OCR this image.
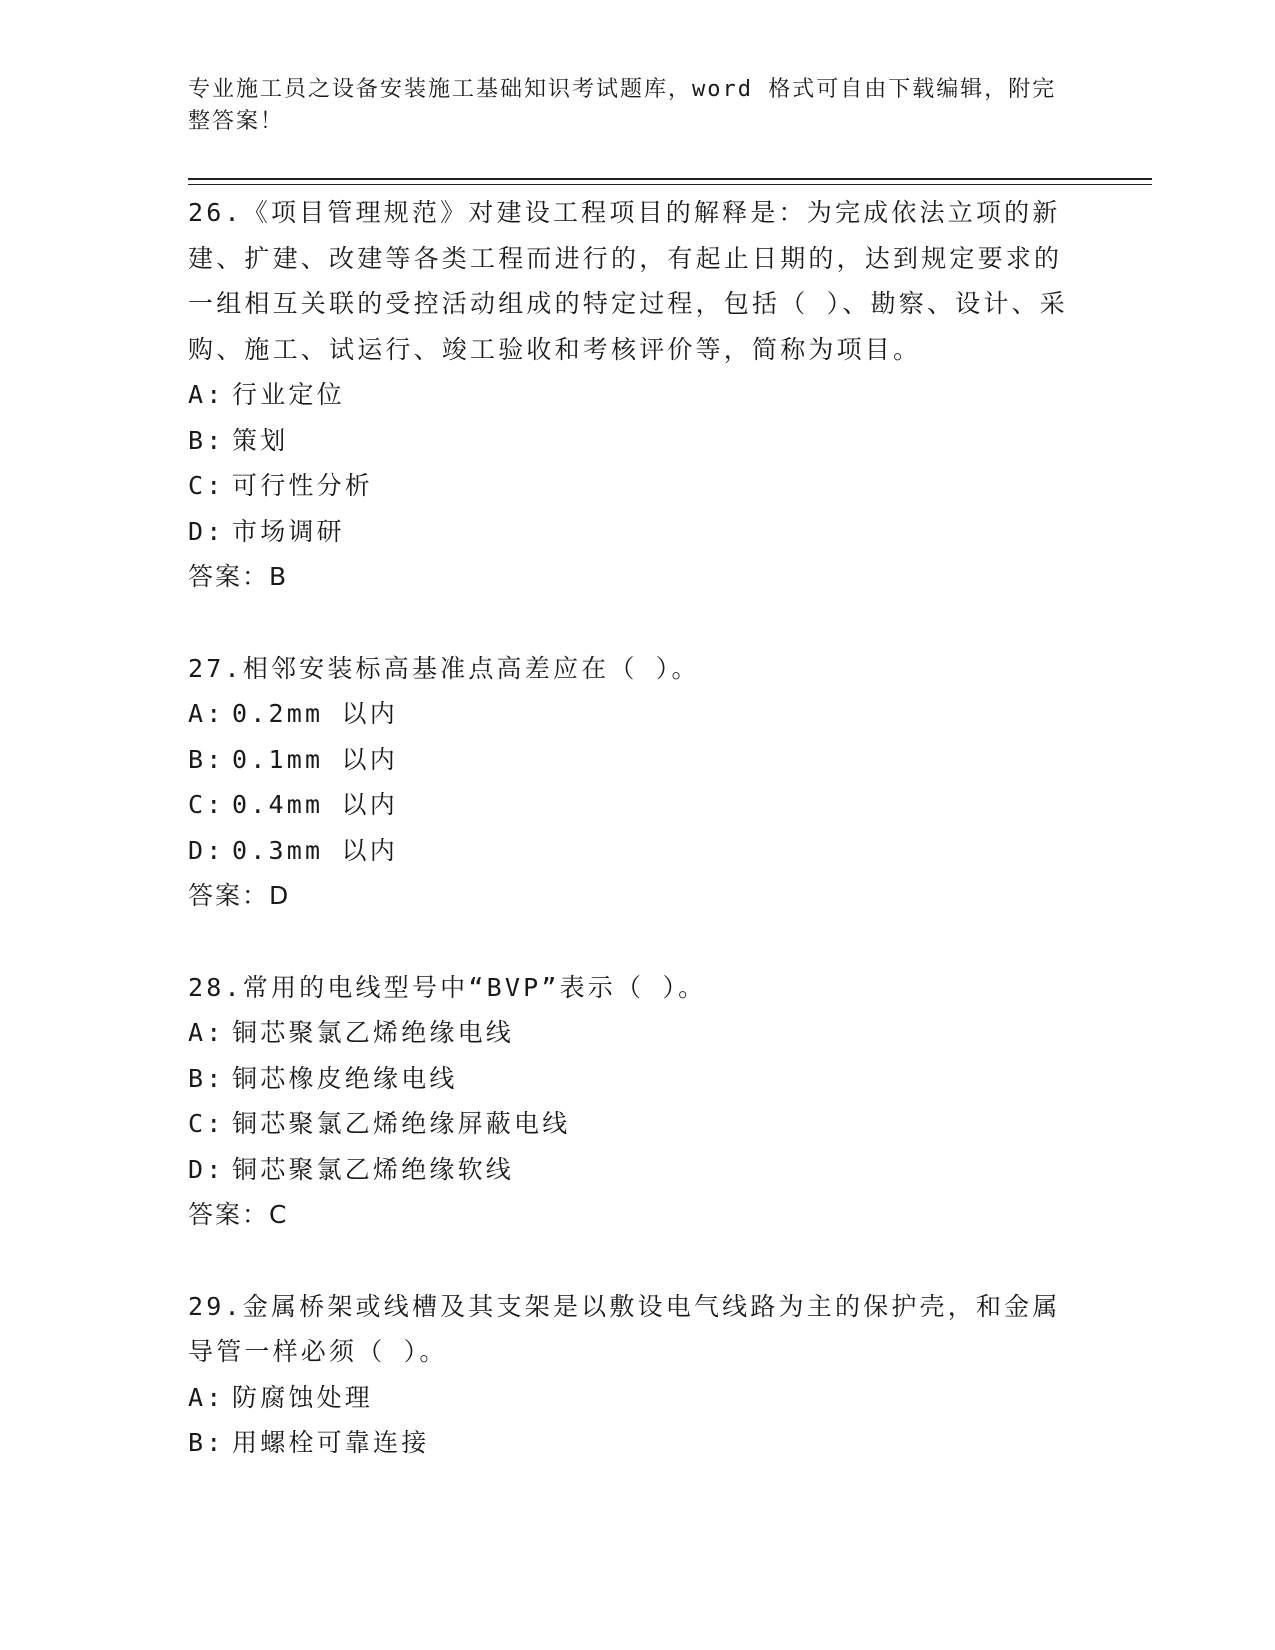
专业施工员之设备安装施工基础知识考试题库，word 格式可自由下载编辑，附完整答案！

26.《项目管理规范》对建设工程项目的解释是：为完成依法立项的新建、扩建、改建等各类工程而进行的，有起止日期的，达到规定要求的一组相互关联的受控活动组成的特定过程，包括（ ）、勘察、设计、采购、施工、试运行、竣工验收和考核评价等，简称为项目。

A: 行业定位
B: 策划
C: 可行性分析
D: 市场调研

答案：B

27.相邻安装标高基准点高差应在（ ）。

A: 0.2mm 以内
B: 0.1mm 以内
C: 0.4mm 以内
D: 0.3mm 以内

答案：D

28.常用的电线型号中“BVP”表示（ ）。

A: 铜芯聚氯乙烯绝缘电线
B: 铜芯橡皮绝缘电线
C: 铜芯聚氯乙烯绝缘屏蔽电线
D: 铜芯聚氯乙烯绝缘软线

答案：C

29.金属桥架或线槽及其支架是以敷设电气线路为主的保护壳，和金属导管一样必须（ ）。

A: 防腐蚀处理
B: 用螺栓可靠连接
